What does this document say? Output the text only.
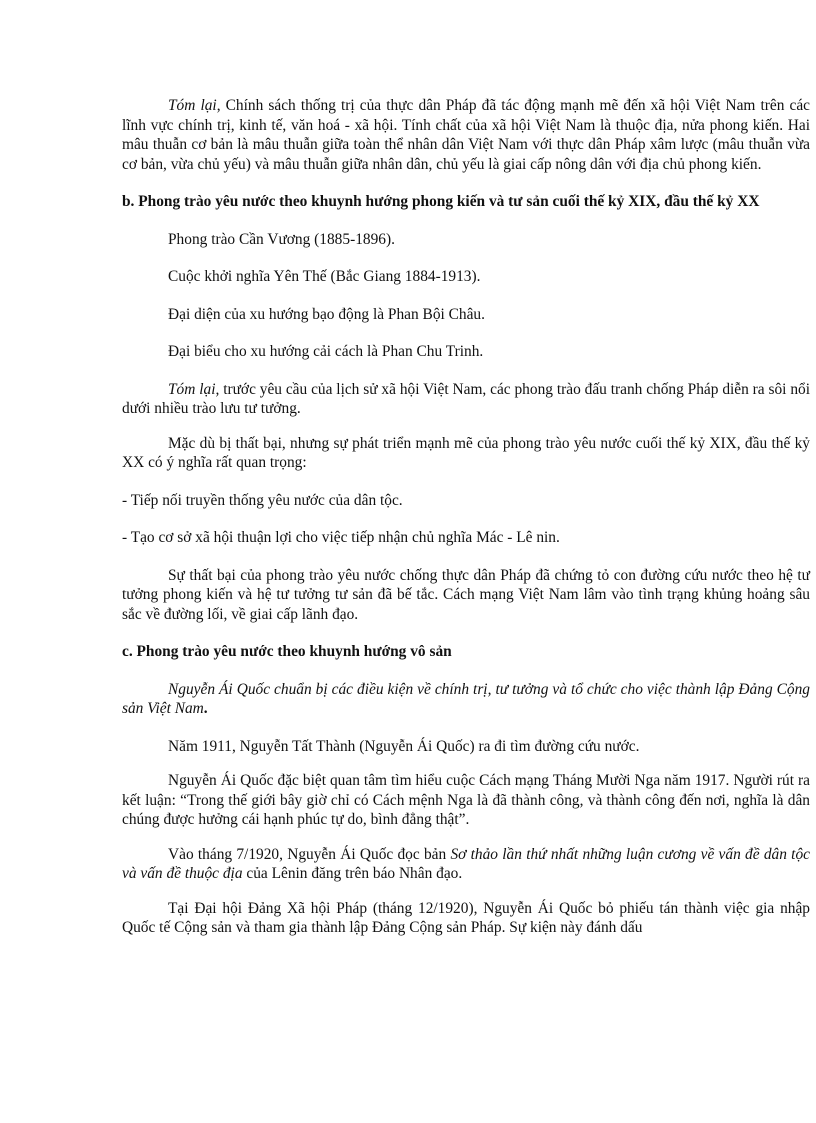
Tóm lại, Chính sách thống trị của thực dân Pháp đã tác động mạnh mẽ đến xã hội Việt Nam trên các lĩnh vực chính trị, kinh tế, văn hoá - xã hội. Tính chất của xã hội Việt Nam là thuộc địa, nửa phong kiến. Hai mâu thuẫn cơ bản là mâu thuẫn giữa toàn thể nhân dân Việt Nam với thực dân Pháp xâm lược (mâu thuẫn vừa cơ bản, vừa chủ yếu) và mâu thuẫn giữa nhân dân, chủ yếu là giai cấp nông dân với địa chủ phong kiến.

b. Phong trào yêu nước theo khuynh hướng phong kiến và tư sản cuối thế kỷ XIX, đầu thế kỷ XX

Phong trào Cần Vương (1885-1896).

Cuộc khởi nghĩa Yên Thế (Bắc Giang 1884-1913).

Đại diện của xu hướng bạo động là Phan Bội Châu.

Đại biểu cho xu hướng cải cách là Phan Chu Trinh.

Tóm lại, trước yêu cầu của lịch sử xã hội Việt Nam, các phong trào đấu tranh chống Pháp diễn ra sôi nổi dưới nhiều trào lưu tư tưởng.

Mặc dù bị thất bại, nhưng sự phát triển mạnh mẽ của phong trào yêu nước cuối thế kỷ XIX, đầu thế kỷ XX có ý nghĩa rất quan trọng:

- Tiếp nối truyền thống yêu nước của dân tộc.

- Tạo cơ sở xã hội thuận lợi cho việc tiếp nhận chủ nghĩa Mác - Lê nin.

Sự thất bại của phong trào yêu nước chống thực dân Pháp đã chứng tỏ con đường cứu nước theo hệ tư tưởng phong kiến và hệ tư tưởng tư sản đã bế tắc. Cách mạng Việt Nam lâm vào tình trạng khủng hoảng sâu sắc về đường lối, về giai cấp lãnh đạo.

c. Phong trào yêu nước theo khuynh hướng vô sản

Nguyễn Ái Quốc chuẩn bị các điều kiện về chính trị, tư tưởng và tổ chức cho việc thành lập Đảng Cộng sản Việt Nam.

Năm 1911, Nguyễn Tất Thành (Nguyễn Ái Quốc) ra đi tìm đường cứu nước.

Nguyễn Ái Quốc đặc biệt quan tâm tìm hiểu cuộc Cách mạng Tháng Mười Nga năm 1917. Người rút ra kết luận: “Trong thế giới bây giờ chỉ có Cách mệnh Nga là đã thành công, và thành công đến nơi, nghĩa là dân chúng được hưởng cái hạnh phúc tự do, bình đẳng thật”.

Vào tháng 7/1920, Nguyễn Ái Quốc đọc bản Sơ thảo lần thứ nhất những luận cương về vấn đề dân tộc và vấn đề thuộc địa của Lênin đăng trên báo Nhân đạo.

Tại Đại hội Đảng Xã hội Pháp (tháng 12/1920), Nguyễn Ái Quốc bỏ phiếu tán thành việc gia nhập Quốc tế Cộng sản và tham gia thành lập Đảng Cộng sản Pháp. Sự kiện này đánh dấu
